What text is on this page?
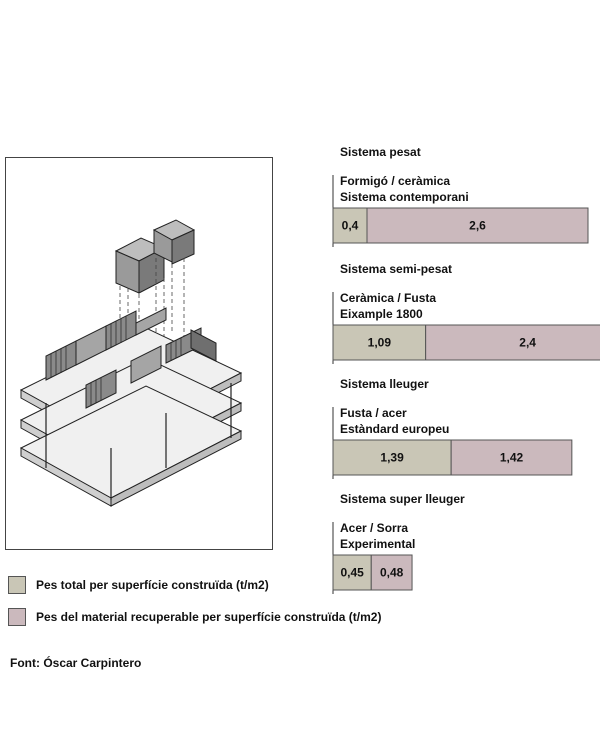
Sistema pesat
Formigó / ceràmica
Sistema contemporani
0,4	2,6
Sistema semi-pesat
Ceràmica / Fusta
Eixample 1800
1,09	2,4
Sistema lleuger
Fusta / acer
Estàndard europeu
1,39	1,42
Sistema super lleuger
Acer / Sorra
Experimental
0,45 0,48
Pes total per superfície construïda (t/m2)
Pes del material recuperable per superfície construïda (t/m2)
Font: Óscar Carpintero
